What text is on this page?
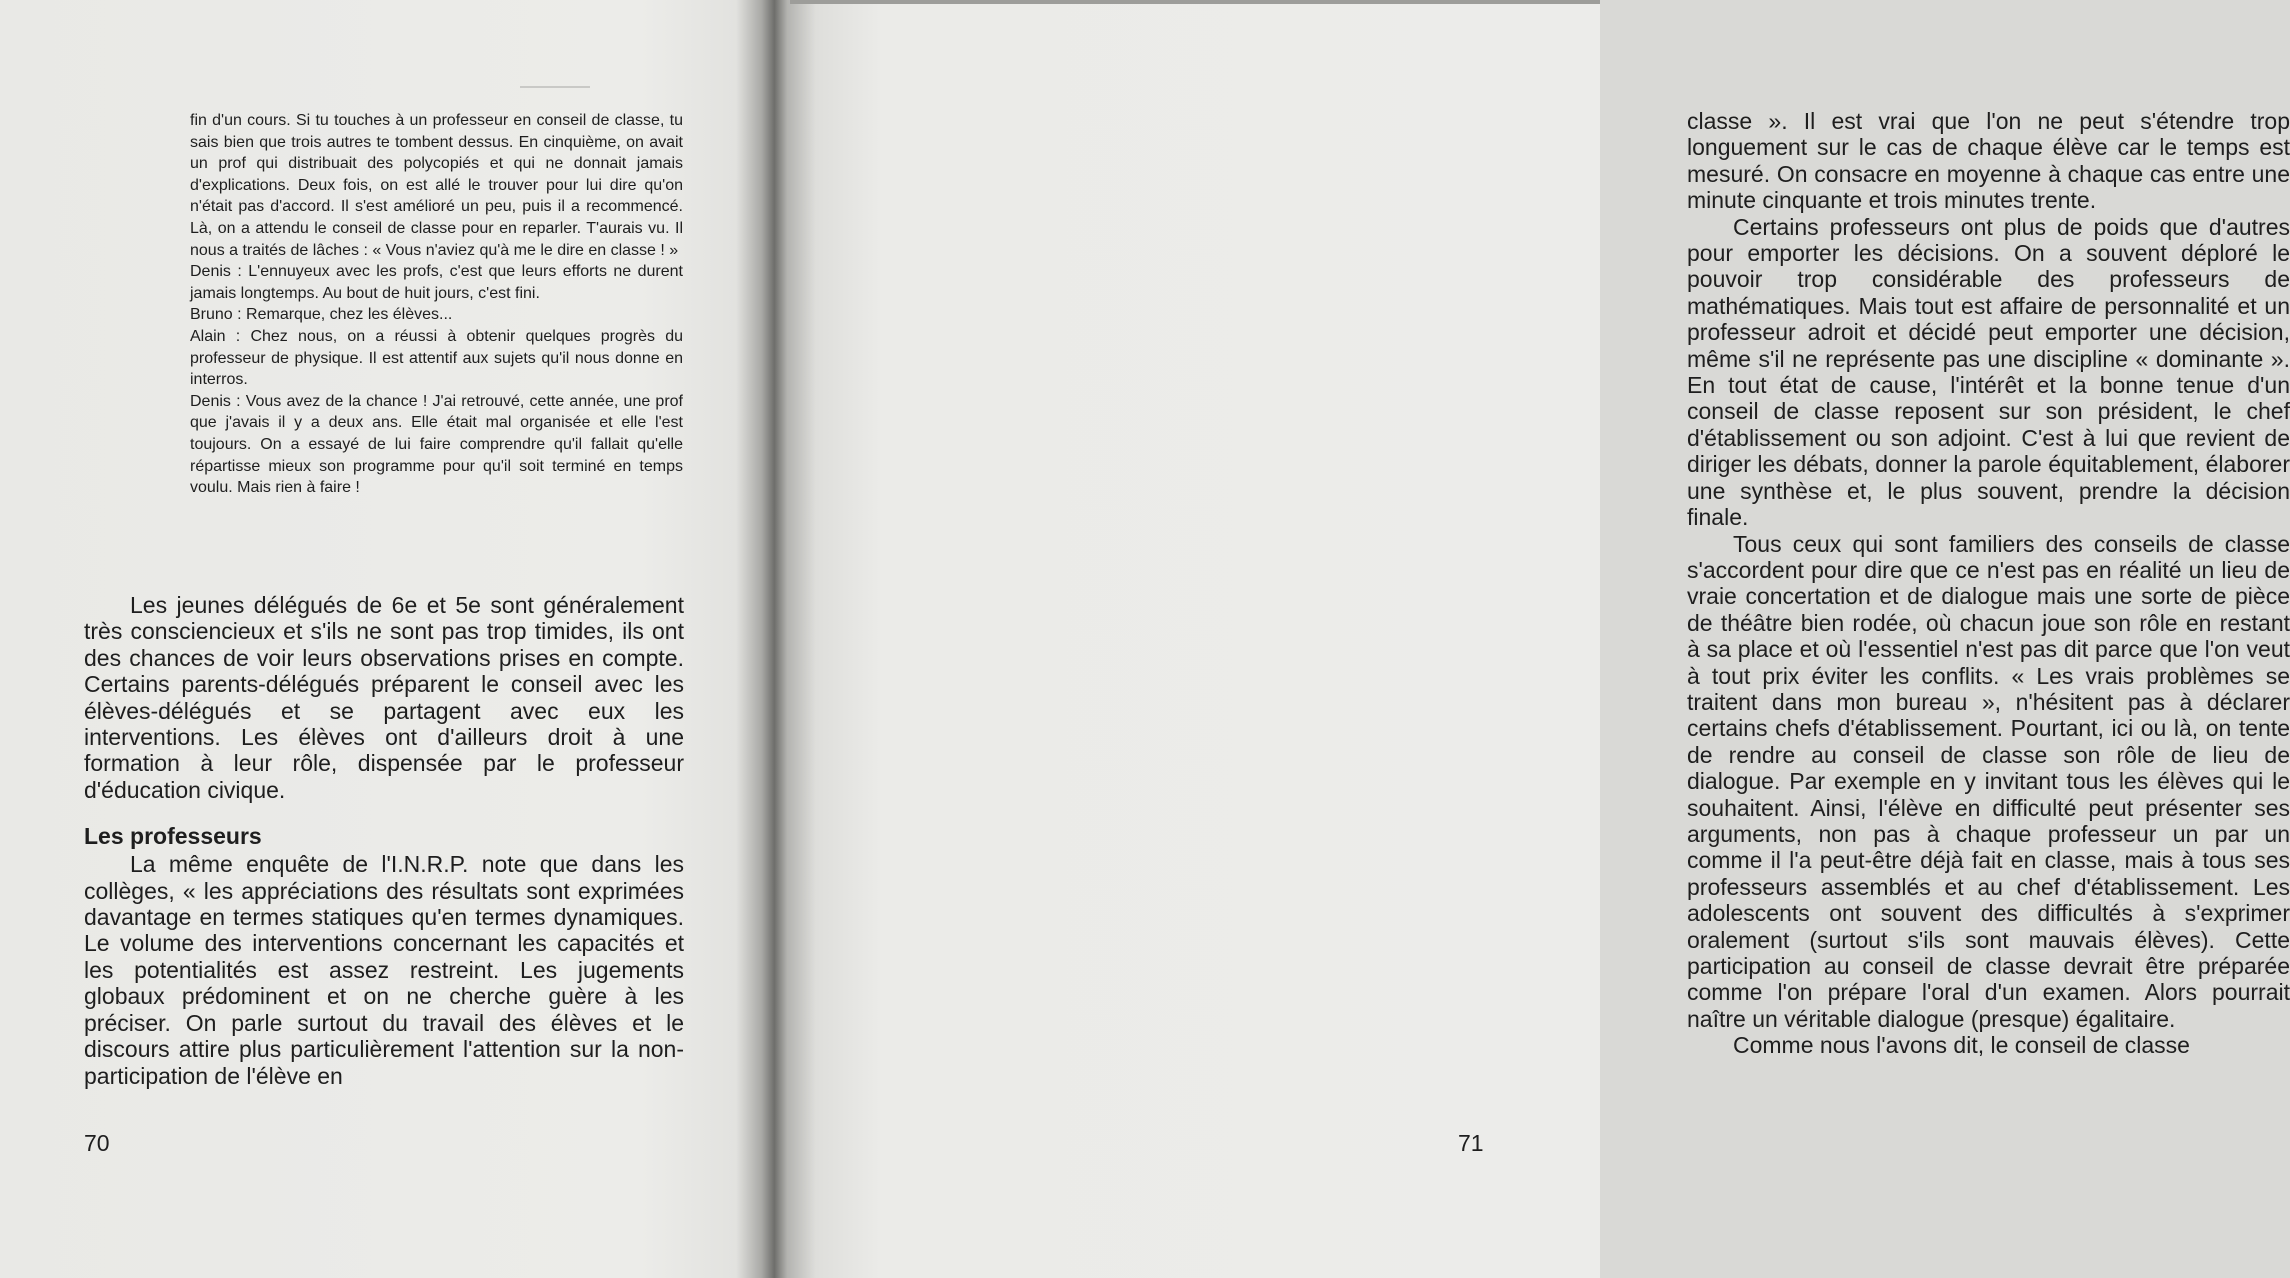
fin d'un cours. Si tu touches à un professeur en conseil de classe, tu sais bien que trois autres te tombent dessus. En cinquième, on avait un prof qui distribuait des polycopiés et qui ne donnait jamais d'explications. Deux fois, on est allé le trouver pour lui dire qu'on n'était pas d'accord. Il s'est amélioré un peu, puis il a recommencé. Là, on a attendu le conseil de classe pour en reparler. T'aurais vu. Il nous a traités de lâches : « Vous n'aviez qu'à me le dire en classe ! »

Denis : L'ennuyeux avec les profs, c'est que leurs efforts ne durent jamais longtemps. Au bout de huit jours, c'est fini.

Bruno : Remarque, chez les élèves...

Alain : Chez nous, on a réussi à obtenir quelques progrès du professeur de physique. Il est attentif aux sujets qu'il nous donne en interros.

Denis : Vous avez de la chance ! J'ai retrouvé, cette année, une prof que j'avais il y a deux ans. Elle était mal organisée et elle l'est toujours. On a essayé de lui faire comprendre qu'il fallait qu'elle répartisse mieux son programme pour qu'il soit terminé en temps voulu. Mais rien à faire !

Les jeunes délégués de 6e et 5e sont généralement très consciencieux et s'ils ne sont pas trop timides, ils ont des chances de voir leurs observations prises en compte. Certains parents-délégués préparent le conseil avec les élèves-délégués et se partagent avec eux les interventions. Les élèves ont d'ailleurs droit à une formation à leur rôle, dispensée par le professeur d'éducation civique.

Les professeurs

La même enquête de l'I.N.R.P. note que dans les collèges, « les appréciations des résultats sont exprimées davantage en termes statiques qu'en termes dynamiques. Le volume des interventions concernant les capacités et les potentialités est assez restreint. Les jugements globaux prédominent et on ne cherche guère à les préciser. On parle surtout du travail des élèves et le discours attire plus particulièrement l'attention sur la non-participation de l'élève en

70

classe ». Il est vrai que l'on ne peut s'étendre trop longuement sur le cas de chaque élève car le temps est mesuré. On consacre en moyenne à chaque cas entre une minute cinquante et trois minutes trente.

Certains professeurs ont plus de poids que d'autres pour emporter les décisions. On a souvent déploré le pouvoir trop considérable des professeurs de mathématiques. Mais tout est affaire de personnalité et un professeur adroit et décidé peut emporter une décision, même s'il ne représente pas une discipline « dominante ». En tout état de cause, l'intérêt et la bonne tenue d'un conseil de classe reposent sur son président, le chef d'établissement ou son adjoint. C'est à lui que revient de diriger les débats, donner la parole équitablement, élaborer une synthèse et, le plus souvent, prendre la décision finale.

Tous ceux qui sont familiers des conseils de classe s'accordent pour dire que ce n'est pas en réalité un lieu de vraie concertation et de dialogue mais une sorte de pièce de théâtre bien rodée, où chacun joue son rôle en restant à sa place et où l'essentiel n'est pas dit parce que l'on veut à tout prix éviter les conflits. « Les vrais problèmes se traitent dans mon bureau », n'hésitent pas à déclarer certains chefs d'établissement. Pourtant, ici ou là, on tente de rendre au conseil de classe son rôle de lieu de dialogue. Par exemple en y invitant tous les élèves qui le souhaitent. Ainsi, l'élève en difficulté peut présenter ses arguments, non pas à chaque professeur un par un comme il l'a peut-être déjà fait en classe, mais à tous ses professeurs assemblés et au chef d'établissement. Les adolescents ont souvent des difficultés à s'exprimer oralement (surtout s'ils sont mauvais élèves). Cette participation au conseil de classe devrait être préparée comme l'on prépare l'oral d'un examen. Alors pourrait naître un véritable dialogue (presque) égalitaire.

Comme nous l'avons dit, le conseil de classe

71
